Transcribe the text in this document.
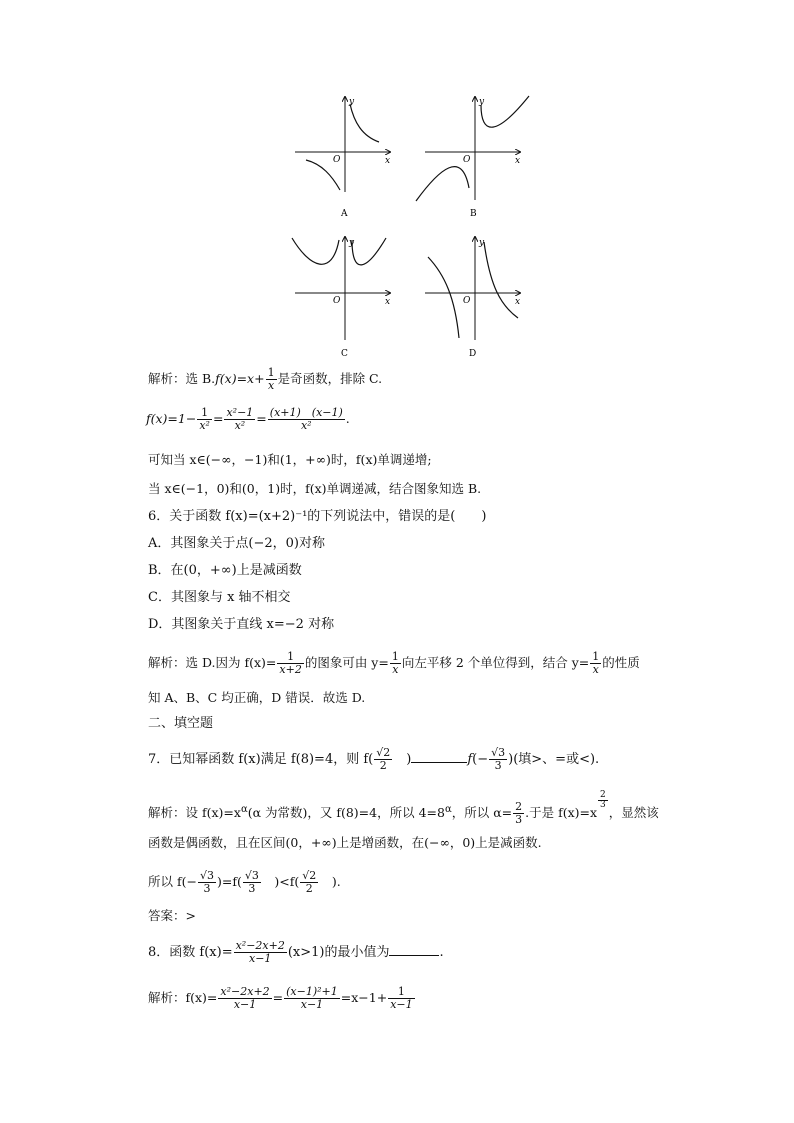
x
y
O
A
x
y
O
B
x
y
O
C
x
y
O
D
解析：选 $B.f(x)=x+ \frac{1}{x}$ 是奇函数，排除 C.
$f(x)=1- \frac{1}{\text{x²}} = \frac{\text{x²−1}}{\text{x²}} = \frac{(x+1) (x-1)}{\text{x²}}$ .
可知当 x∈(−∞，−1)和(1，+∞)时，f(x)单调递增;
当 x∈(−1，0)和(0，1)时，f(x)单调递减，结合图象知选 B.
6．关于函数 f(x)=(x+2)⁻¹的下列说法中，错误的是(　　)
A．其图象关于点(−2，0)对称
B．在(0，+∞)上是减函数
C．其图象与 x 轴不相交
D．其图象关于直线 x=−2 对称
解析：选 D.因为 $f(x)= \frac{1}{x+2}$ 的图象可由 $y= \frac{1}{x}$ 向左平移 2 个单位得到，结合 $y= \frac{1}{x}$ 的性质
知 A、B、C 均正确，D 错误．故选 D.
二、填空题
7．已知幂函数 f(x)满足 f(8)=4，则 $f( \frac{√2}{2}$ 　)	$f(- \frac{√3}{3}$ )(填>、=或<).
解析：设 $f(x)=x^\alpha(\alpha$ 为常数)，又 f(8)=4，所以 $4=8^\alpha$，所以 $\alpha= \frac{2}{3}$ .于是 f(x)=x
$^{\frac{2}{3}}$
，显然该
函数是偶函数，且在区间(0，+∞)上是增函数，在(−∞，0)上是减函数.
所以 $f(- \frac{√3}{3} )=f( \frac{√3}{3}$ 　)$<f( \frac{√2}{2}$ 　).
答案：>
8．函数 $f(x)= \frac{\text{x²−2x+2}}{x-1} (x>1)$的最小值为	.
解析：$f(x)= \frac{\text{x²−2x+2}}{x-1} = \frac{\text{(x−1)²+1}}{x-1} =x-1+ \frac{1}{x-1}$
